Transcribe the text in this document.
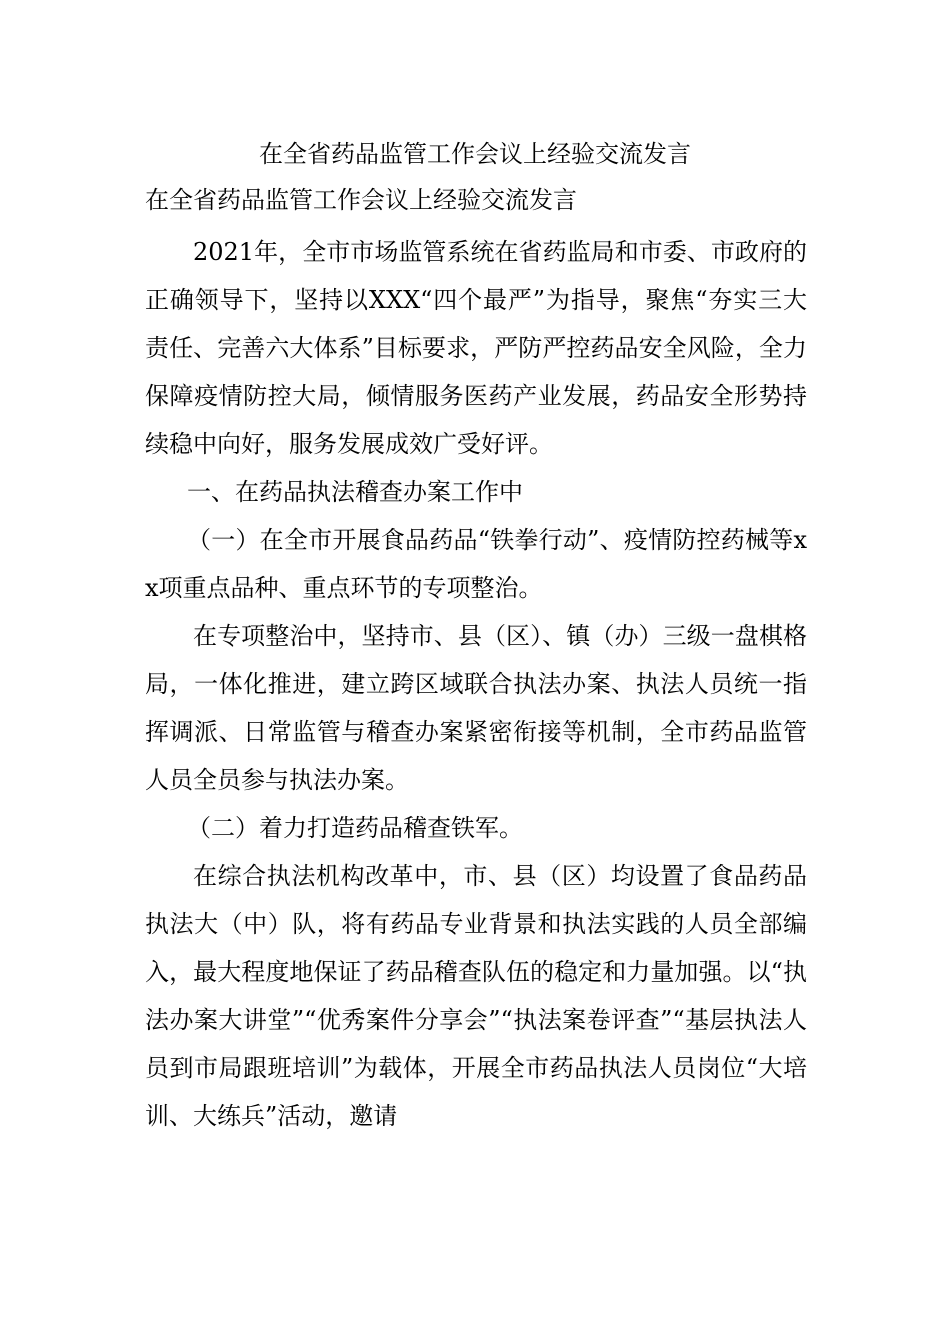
在全省药品监管工作会议上经验交流发言
在全省药品监管工作会议上经验交流发言

2021年，全市市场监管系统在省药监局和市委、市政府的正确领导下，坚持以XXX“四个最严”为指导，聚焦“夯实三大责任、完善六大体系”目标要求，严防严控药品安全风险，全力保障疫情防控大局，倾情服务医药产业发展，药品安全形势持续稳中向好，服务发展成效广受好评。

一、在药品执法稽查办案工作中

（一）在全市开展食品药品“铁拳行动”、疫情防控药械等xx项重点品种、重点环节的专项整治。

在专项整治中，坚持市、县（区）、镇（办）三级一盘棋格局，一体化推进，建立跨区域联合执法办案、执法人员统一指挥调派、日常监管与稽查办案紧密衔接等机制，全市药品监管人员全员参与执法办案。

（二）着力打造药品稽查铁军。

在综合执法机构改革中，市、县（区）均设置了食品药品执法大（中）队，将有药品专业背景和执法实践的人员全部编入，最大程度地保证了药品稽查队伍的稳定和力量加强。以“执法办案大讲堂”“优秀案件分享会”“执法案卷评查”“基层执法人员到市局跟班培训”为载体，开展全市药品执法人员岗位“大培训、大练兵”活动，邀请
